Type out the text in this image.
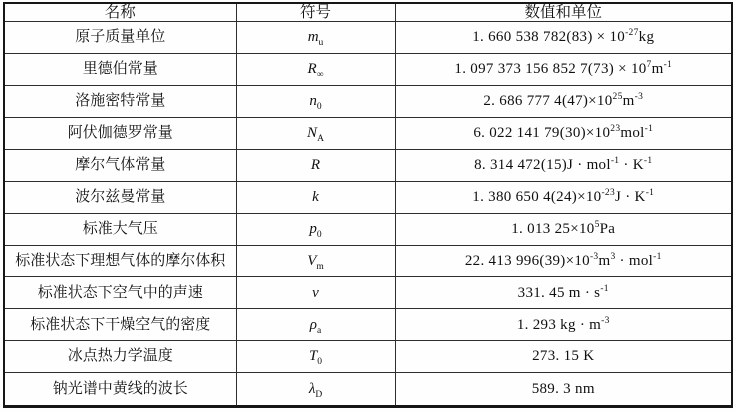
名称	符号	数值和单位
原子质量单位	$m_u$	1. 660 538 $782(83) \times 10^{-27}kg$
里德伯常量	$R_\infty$	1. 097 373 156 852 $7(73) \times 10^7m^{-1}$
洛施密特常量	$n_0$	2. 686 777 $4(47)\times 10^{25}m^{-3}$
阿伏伽德罗常量	$N_A$	6. 022 141 $79(30)\times 10^{23}mol^{-1}$
摩尔气体常量	R	8. 314 $472(15)J \cdot mol^{-1} \cdot K^{-1}$
波尔兹曼常量	k	1. 380 650 $4(24)\times 10^{-23}J \cdot K^{-1}$
标准大气压	$p_0$	1. 013 $25\times 10^5Pa$
标准状态下理想气体的摩尔体积	$V_m$	22. 413 $996(39)\times 10^{-3}m^3 \cdot mol^{-1}$
标准状态下空气中的声速	v	331. 45 $m \cdot s^{-1}$
标准状态下干燥空气的密度	$\rho_a$	1. 293 kg · $m^{-3}$
冰点热力学温度	$T_0$	273. 15 K
钠光谱中黄线的波长	$\lambda_D$	589. 3 nm
